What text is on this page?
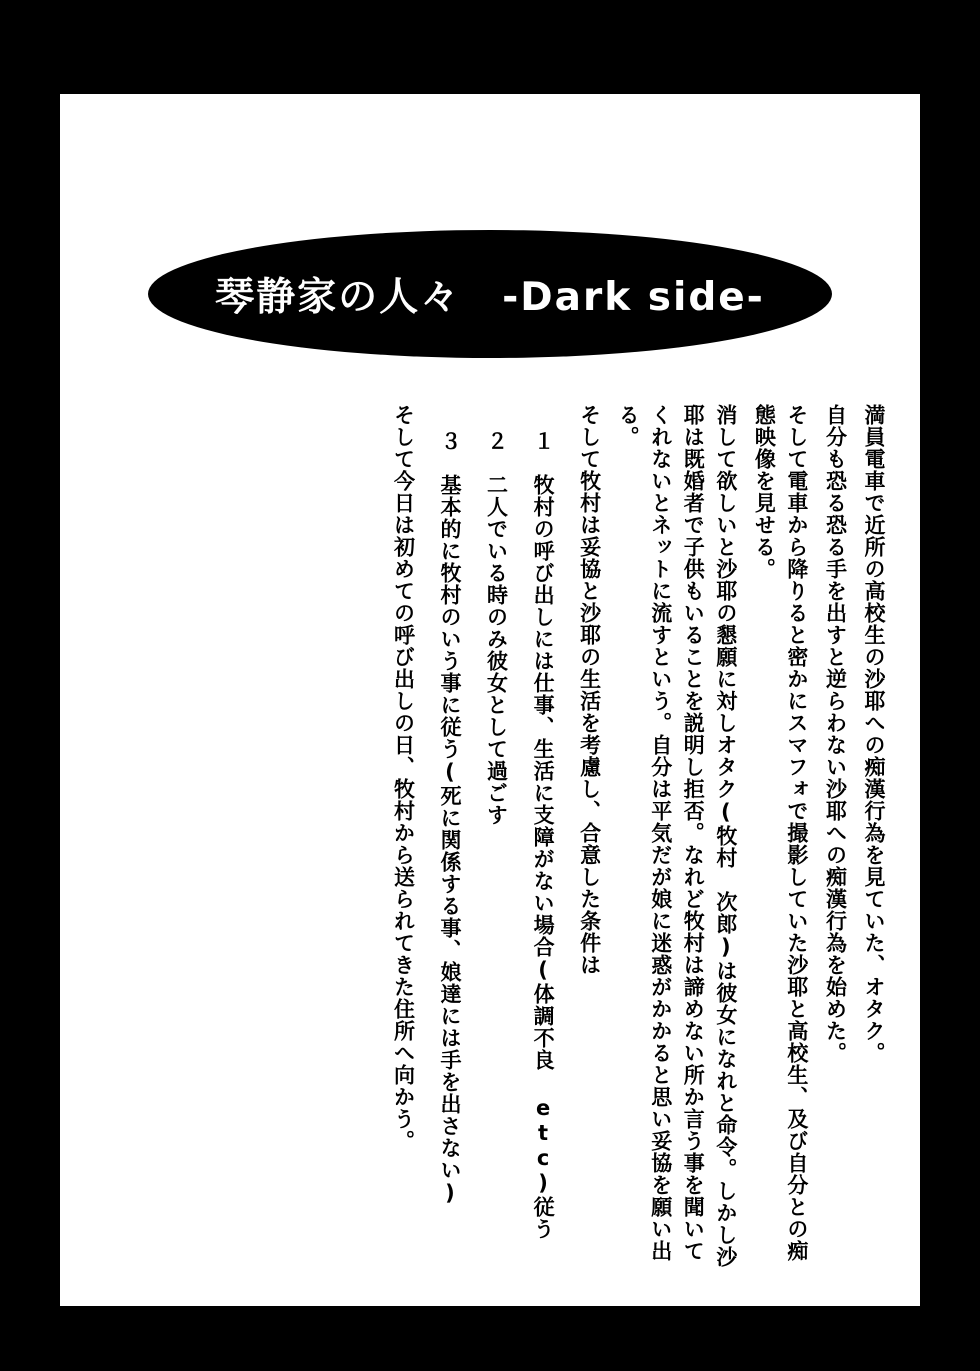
琴静家の人々　-Dark side-
満員電車で近所の高校生の沙耶への痴漢行為を見ていた、オタク。
自分も恐る恐る手を出すと逆らわない沙耶への痴漢行為を始めた。
そして電車から降りると密かにスマフォで撮影していた沙耶と高校生、及び自分との痴態映像を見せる。
消して欲しいと沙耶の懇願に対しオタク(牧村　次郎)は彼女になれと命令。しかし沙耶は既婚者で子供もいることを説明し拒否。なれど牧村は諦めない所か言う事を聞いてくれないとネットに流すという。自分は平気だが娘に迷惑がかかると思い妥協を願い出る。
そして牧村は妥協と沙耶の生活を考慮し、合意した条件は
１　牧村の呼び出しには仕事、生活に支障がない場合(体調不良 etc)従う
２　二人でいる時のみ彼女として過ごす
３　基本的に牧村のいう事に従う(死に関係する事、娘達には手を出さない)
そして今日は初めての呼び出しの日、牧村から送られてきた住所へ向かう。
